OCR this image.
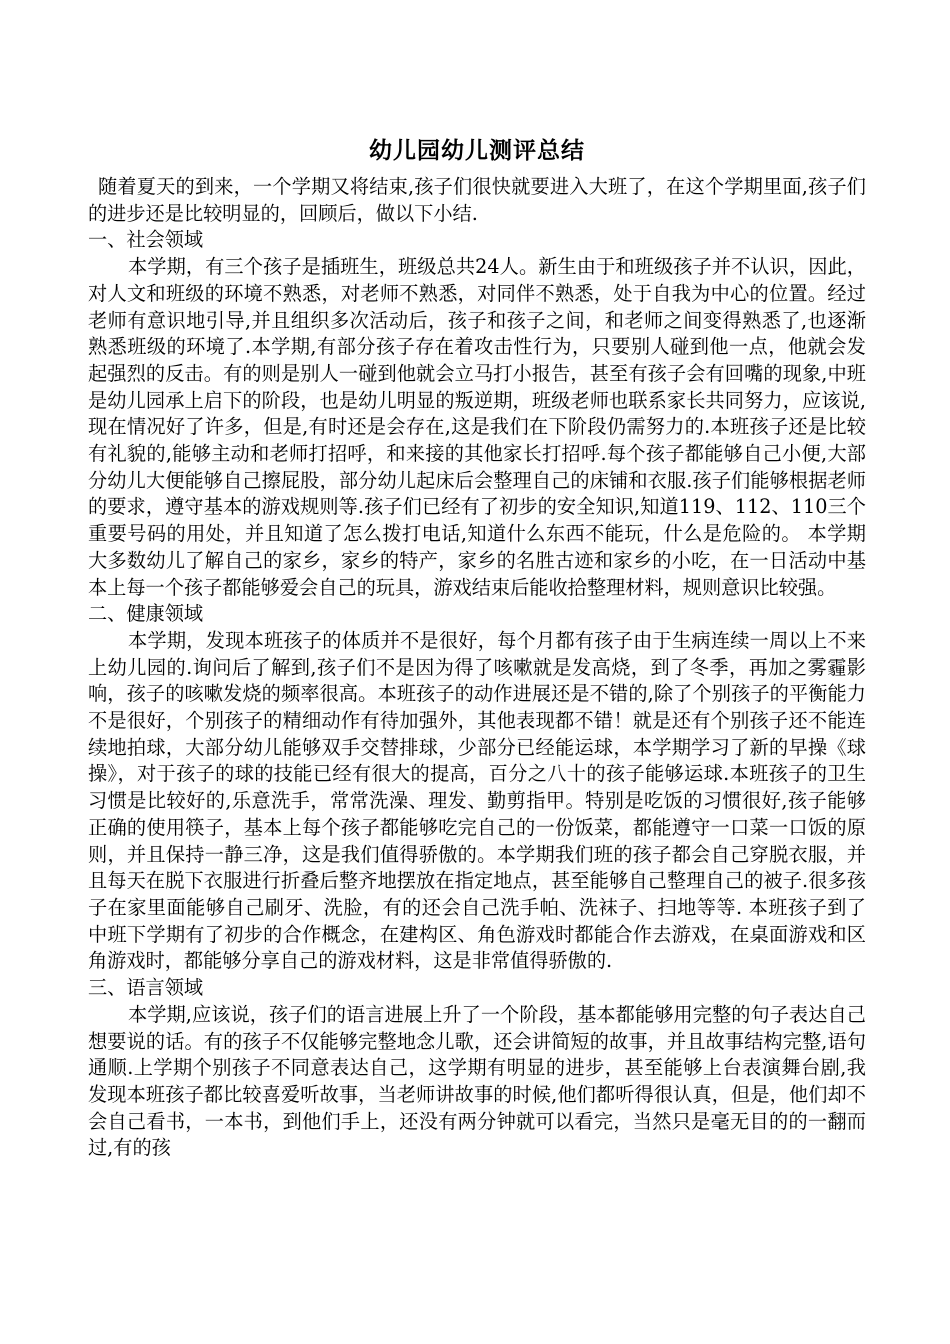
幼儿园幼儿测评总结

随着夏天的到来，一个学期又将结束,孩子们很快就要进入大班了，在这个学期里面,孩子们的进步还是比较明显的，回顾后，做以下小结.

一、社会领域

本学期，有三个孩子是插班生，班级总共24人。新生由于和班级孩子并不认识，因此，对人文和班级的环境不熟悉，对老师不熟悉，对同伴不熟悉，处于自我为中心的位置。经过老师有意识地引导,并且组织多次活动后，孩子和孩子之间，和老师之间变得熟悉了,也逐渐熟悉班级的环境了.本学期,有部分孩子存在着攻击性行为，只要别人碰到他一点，他就会发起强烈的反击。有的则是别人一碰到他就会立马打小报告，甚至有孩子会有回嘴的现象,中班是幼儿园承上启下的阶段，也是幼儿明显的叛逆期，班级老师也联系家长共同努力，应该说,现在情况好了许多，但是,有时还是会存在,这是我们在下阶段仍需努力的.本班孩子还是比较有礼貌的,能够主动和老师打招呼，和来接的其他家长打招呼.每个孩子都能够自己小便,大部分幼儿大便能够自己擦屁股，部分幼儿起床后会整理自己的床铺和衣服.孩子们能够根据老师的要求，遵守基本的游戏规则等.孩子们已经有了初步的安全知识,知道119、112、110三个重要号码的用处，并且知道了怎么拨打电话,知道什么东西不能玩，什么是危险的。 本学期大多数幼儿了解自己的家乡，家乡的特产，家乡的名胜古迹和家乡的小吃，在一日活动中基本上每一个孩子都能够爱会自己的玩具，游戏结束后能收拾整理材料，规则意识比较强。

二、健康领域

本学期，发现本班孩子的体质并不是很好，每个月都有孩子由于生病连续一周以上不来上幼儿园的.询问后了解到,孩子们不是因为得了咳嗽就是发高烧，到了冬季，再加之雾霾影响，孩子的咳嗽发烧的频率很高。本班孩子的动作进展还是不错的,除了个别孩子的平衡能力不是很好，个别孩子的精细动作有待加强外，其他表现都不错！就是还有个别孩子还不能连续地拍球，大部分幼儿能够双手交替排球，少部分已经能运球，本学期学习了新的早操《球操》，对于孩子的球的技能已经有很大的提高，百分之八十的孩子能够运球.本班孩子的卫生习惯是比较好的,乐意洗手，常常洗澡、理发、勤剪指甲。特别是吃饭的习惯很好,孩子能够正确的使用筷子，基本上每个孩子都能够吃完自己的一份饭菜，都能遵守一口菜一口饭的原则，并且保持一静三净，这是我们值得骄傲的。本学期我们班的孩子都会自己穿脱衣服，并且每天在脱下衣服进行折叠后整齐地摆放在指定地点，甚至能够自己整理自己的被子.很多孩子在家里面能够自己刷牙、洗脸，有的还会自己洗手帕、洗袜子、扫地等等. 本班孩子到了中班下学期有了初步的合作概念，在建构区、角色游戏时都能合作去游戏，在桌面游戏和区角游戏时，都能够分享自己的游戏材料，这是非常值得骄傲的.

三、语言领域

本学期,应该说，孩子们的语言进展上升了一个阶段，基本都能够用完整的句子表达自己想要说的话。有的孩子不仅能够完整地念儿歌，还会讲简短的故事，并且故事结构完整,语句通顺.上学期个别孩子不同意表达自己，这学期有明显的进步，甚至能够上台表演舞台剧,我发现本班孩子都比较喜爱听故事，当老师讲故事的时候,他们都听得很认真，但是，他们却不会自己看书，一本书，到他们手上，还没有两分钟就可以看完，当然只是毫无目的的一翻而过,有的孩
